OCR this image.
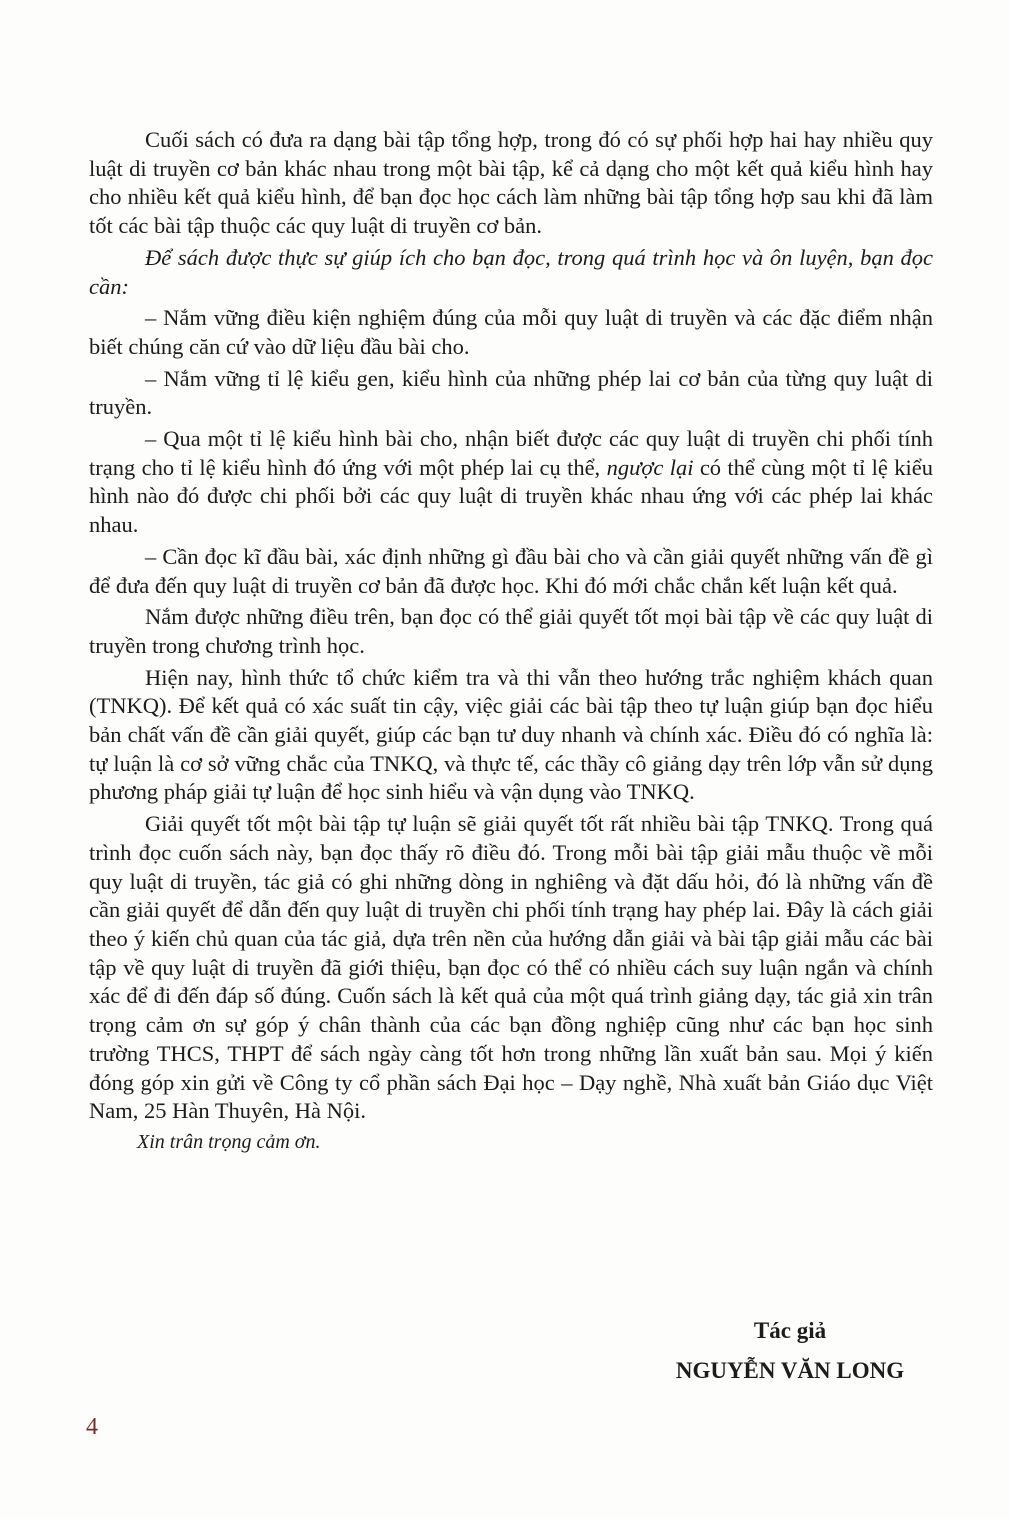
Cuối sách có đưa ra dạng bài tập tổng hợp, trong đó có sự phối hợp hai hay nhiều quy luật di truyền cơ bản khác nhau trong một bài tập, kể cả dạng cho một kết quả kiểu hình hay cho nhiều kết quả kiểu hình, để bạn đọc học cách làm những bài tập tổng hợp sau khi đã làm tốt các bài tập thuộc các quy luật di truyền cơ bản.

Để sách được thực sự giúp ích cho bạn đọc, trong quá trình học và ôn luyện, bạn đọc cần:

– Nắm vững điều kiện nghiệm đúng của mỗi quy luật di truyền và các đặc điểm nhận biết chúng căn cứ vào dữ liệu đầu bài cho.

– Nắm vững tỉ lệ kiểu gen, kiểu hình của những phép lai cơ bản của từng quy luật di truyền.

– Qua một tỉ lệ kiểu hình bài cho, nhận biết được các quy luật di truyền chi phối tính trạng cho tỉ lệ kiểu hình đó ứng với một phép lai cụ thể, ngược lại có thể cùng một tỉ lệ kiểu hình nào đó được chi phối bởi các quy luật di truyền khác nhau ứng với các phép lai khác nhau.

– Cần đọc kĩ đầu bài, xác định những gì đầu bài cho và cần giải quyết những vấn đề gì để đưa đến quy luật di truyền cơ bản đã được học. Khi đó mới chắc chắn kết luận kết quả.

Nắm được những điều trên, bạn đọc có thể giải quyết tốt mọi bài tập về các quy luật di truyền trong chương trình học.

Hiện nay, hình thức tổ chức kiểm tra và thi vẫn theo hướng trắc nghiệm khách quan (TNKQ). Để kết quả có xác suất tin cậy, việc giải các bài tập theo tự luận giúp bạn đọc hiểu bản chất vấn đề cần giải quyết, giúp các bạn tư duy nhanh và chính xác. Điều đó có nghĩa là: tự luận là cơ sở vững chắc của TNKQ, và thực tế, các thầy cô giảng dạy trên lớp vẫn sử dụng phương pháp giải tự luận để học sinh hiểu và vận dụng vào TNKQ.

Giải quyết tốt một bài tập tự luận sẽ giải quyết tốt rất nhiều bài tập TNKQ. Trong quá trình đọc cuốn sách này, bạn đọc thấy rõ điều đó. Trong mỗi bài tập giải mẫu thuộc về mỗi quy luật di truyền, tác giả có ghi những dòng in nghiêng và đặt dấu hỏi, đó là những vấn đề cần giải quyết để dẫn đến quy luật di truyền chi phối tính trạng hay phép lai. Đây là cách giải theo ý kiến chủ quan của tác giả, dựa trên nền của hướng dẫn giải và bài tập giải mẫu các bài tập về quy luật di truyền đã giới thiệu, bạn đọc có thể có nhiều cách suy luận ngắn và chính xác để đi đến đáp số đúng. Cuốn sách là kết quả của một quá trình giảng dạy, tác giả xin trân trọng cảm ơn sự góp ý chân thành của các bạn đồng nghiệp cũng như các bạn học sinh trường THCS, THPT để sách ngày càng tốt hơn trong những lần xuất bản sau. Mọi ý kiến đóng góp xin gửi về Công ty cổ phần sách Đại học – Dạy nghề, Nhà xuất bản Giáo dục Việt Nam, 25 Hàn Thuyên, Hà Nội.

Xin trân trọng cảm ơn.

Tác giả

NGUYỄN VĂN LONG

4
